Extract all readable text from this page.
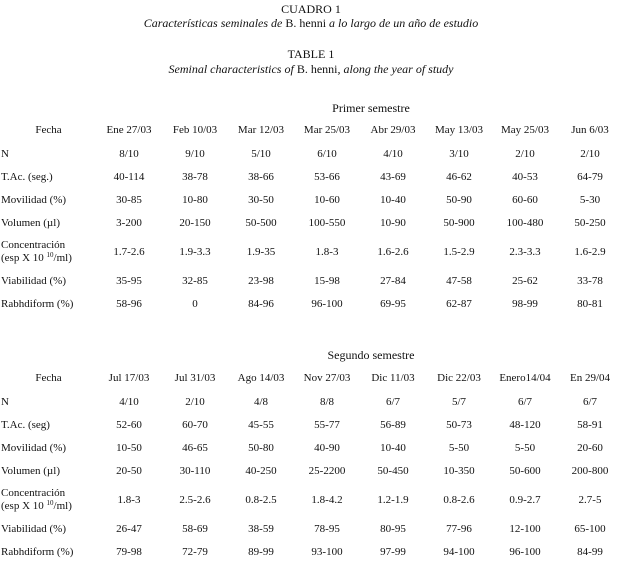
CUADRO 1
Características seminales de B. henni a lo largo de un año de estudio
TABLE 1
Seminal characteristics of B. henni, along the year of study
Primer semestre
Fecha	Ene 27/03	Feb 10/03	Mar 12/03	Mar 25/03	Abr 29/03	May 13/03	May 25/03	Jun 6/03
N	8/10	9/10	5/10	6/10	4/10	3/10	2/10	2/10
T.Ac. (seg.)	40-114	38-78	38-66	53-66	43-69	46-62	40-53	64-79
Movilidad (%)	30-85	10-80	30-50	10-60	10-40	50-90	60-60	5-30
Volumen (µl)	3-200	20-150	50-500	100-550	10-90	50-900	100-480	50-250

Concentración
(esp X 10 $^{10}$/ml)	1.7-2.6	1.9-3.3	1.9-35	1.8-3	1.6-2.6	1.5-2.9	2.3-3.3	1.6-2.9
Viabilidad (%)	35-95	32-85	23-98	15-98	27-84	47-58	25-62	33-78
Rabhdiform (%)	58-96	0	84-96	96-100	69-95	62-87	98-99	80-81
Segundo semestre
Fecha	Jul 17/03	Jul 31/03	Ago 14/03	Nov 27/03	Dic 11/03	Dic 22/03	Enero14/04	En 29/04
N	4/10	2/10	4/8	8/8	6/7	5/7	6/7	6/7
T.Ac. (seg)	52-60	60-70	45-55	55-77	56-89	50-73	48-120	58-91
Movilidad (%)	10-50	46-65	50-80	40-90	10-40	5-50	5-50	20-60
Volumen (µl)	20-50	30-110	40-250	25-2200	50-450	10-350	50-600	200-800

Concentración
(esp X 10 $^{10}$/ml)	1.8-3	2.5-2.6	0.8-2.5	1.8-4.2	1.2-1.9	0.8-2.6	0.9-2.7	2.7-5
Viabilidad (%)	26-47	58-69	38-59	78-95	80-95	77-96	12-100	65-100
Rabhdiform (%)	79-98	72-79	89-99	93-100	97-99	94-100	96-100	84-99
